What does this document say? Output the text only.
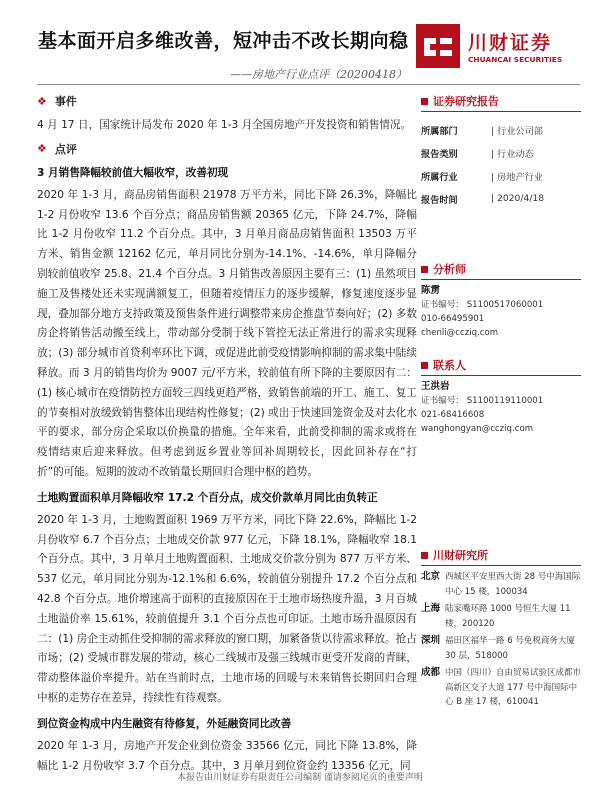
基本面开启多维改善，短冲击不改长期向稳
——房地产行业点评（20200418）
川财证券
CHUANCAI SECURITIES
❖ 事件

4 月 17 日，国家统计局发布 2020 年 1-3 月全国房地产开发投资和销售情况。

❖ 点评
3 月销售降幅较前值大幅收窄，改善初现

2020 年 1-3 月，商品房销售面积 21978 万平方米，同比下降 26.3%，降幅比 1-2 月份收窄 13.6 个百分点；商品房销售额 20365 亿元，下降 24.7%，降幅比 1-2 月份收窄 11.2 个百分点。其中，3 月单月商品房销售面积 13503 万平方米、销售金额 12162 亿元，单月同比分别为-14.1%、-14.6%，单月降幅分别较前值收窄 25.8、21.4 个百分点。3 月销售改善原因主要有三：(1) 虽然项目施工及售楼处还未实现满额复工，但随着疫情压力的逐步缓解，修复速度逐步显现，叠加部分地方支持政策及预售条件进行调整带来房企推盘节奏向好；(2) 多数房企将销售活动搬至线上，带动部分受制于线下管控无法正常进行的需求实现释放；(3) 部分城市首贷利率环比下调，或促进此前受疫情影响抑制的需求集中陆续释放。而 3 月的销售均价为 9007 元/平方米，较前值有所下降的主要原因有二：(1) 核心城市在疫情防控方面较三四线更趋严格，致销售前端的开工、施工、复工的节奏相对放缓致销售整体出现结构性修复；(2) 或出于快速回笼资金及对去化水平的要求，部分房企采取以价换量的措施。全年来看，此前受抑制的需求或将在疫情结束后迎来释放。但考虑到返乡置业等回补周期较长，因此回补存在“打折”的可能。短期的波动不改销量长期回归合理中枢的趋势。

土地购置面积单月降幅收窄 17.2 个百分点，成交价款单月同比由负转正

2020 年 1-3 月，土地购置面积 1969 万平方米，同比下降 22.6%，降幅比 1-2 月份收窄 6.7 个百分点；土地成交价款 977 亿元，下降 18.1%，降幅收窄 18.1 个百分点。其中，3 月单月土地购置面积、土地成交价款分别为 877 万平方米、537 亿元，单月同比分别为-12.1%和 6.6%，较前值分别提升 17.2 个百分点和 42.8 个百分点。地价增速高于面积的直接原因在于土地市场热度升温，3 月百城土地溢价率 15.61%，较前值提升 3.1 个百分点也可印证。土地市场升温原因有二：(1) 房企主动抓住受抑制的需求释放的窗口期，加紧备货以待需求释放。抢占市场；(2) 受城市群发展的带动，核心二线城市及强三线城市更受开发商的青睐，带动整体溢价率提升。站在当前时点，土地市场的回暖与未来销售长期回归合理中枢的走势存在差异，持续性有待观察。

到位资金构成中内生融资有待修复，外延融资同比改善

2020 年 1-3 月，房地产开发企业到位资金 33566 亿元，同比下降 13.8%，降幅比 1-2 月份收窄 3.7 个百分点。其中，3 月单月到位资金约 13356 亿元，同

证券研究报告
所属部门	| 行业公司部
报告类别	| 行业动态
所属行业	| 房地产行业
报告时间	| 2020/4/18
分析师
陈雳
证书编号： S1100517060001
010-66495901
chenli@ccziq.com
联系人
王洪岩
证书编号： S1100119110001
021-68416608
wanghongyan@ccziq.com
川财研究所
北京 西城区平安里西大街 28 号中海国际中心 15 楼，100034
上海 陆家嘴环路 1000 号恒生大厦 11 楼，200120
深圳 福田区福华一路 6 号免税商务大厦 30 层，518000
成都 中国（四川）自由贸易试验区成都市高新区交子大道 177 号中海国际中心 B 座 17 楼，610041
本报告由川财证券有限责任公司编制 谨请参阅尾页的重要声明
